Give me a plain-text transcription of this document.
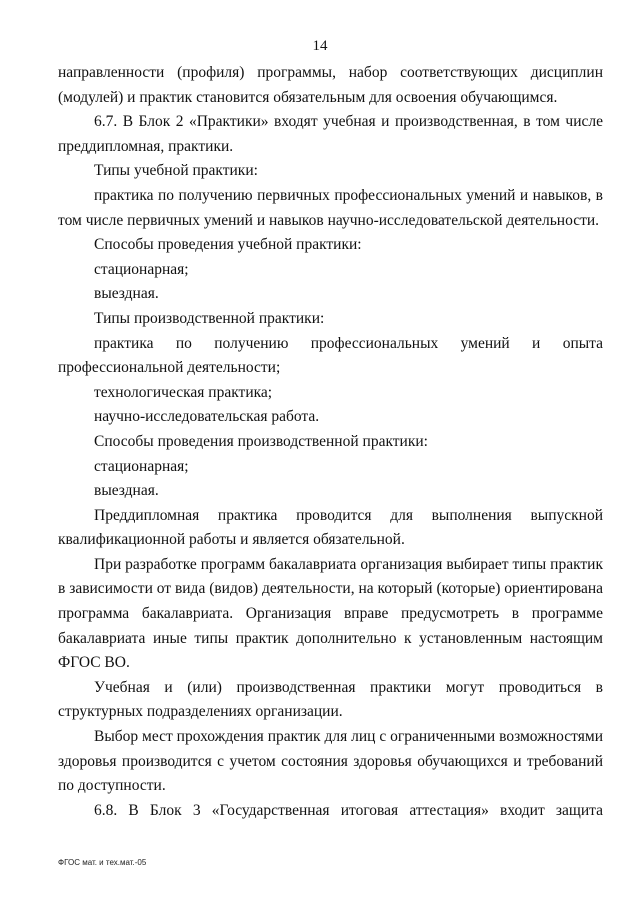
14

направленности (профиля) программы, набор соответствующих дисциплин (модулей) и практик становится обязательным для освоения обучающимся.

6.7. В Блок 2 «Практики» входят учебная и производственная, в том числе преддипломная, практики.

Типы учебной практики:

практика по получению первичных профессиональных умений и навыков, в том числе первичных умений и навыков научно-исследовательской деятельности.

Способы проведения учебной практики:

стационарная;

выездная.

Типы производственной практики:

практика по получению профессиональных умений и опыта профессиональной деятельности;

технологическая практика;

научно-исследовательская работа.

Способы проведения производственной практики:

стационарная;

выездная.

Преддипломная практика проводится для выполнения выпускной квалификационной работы и является обязательной.

При разработке программ бакалавриата организация выбирает типы практик в зависимости от вида (видов) деятельности, на который (которые) ориентирована программа бакалавриата. Организация вправе предусмотреть в программе бакалавриата иные типы практик дополнительно к установленным настоящим ФГОС ВО.

Учебная и (или) производственная практики могут проводиться в структурных подразделениях организации.

Выбор мест прохождения практик для лиц с ограниченными возможностями здоровья производится с учетом состояния здоровья обучающихся и требований по доступности.

6.8. В Блок 3 «Государственная итоговая аттестация» входит защита

ФГОС мат. и тех.мат.-05
